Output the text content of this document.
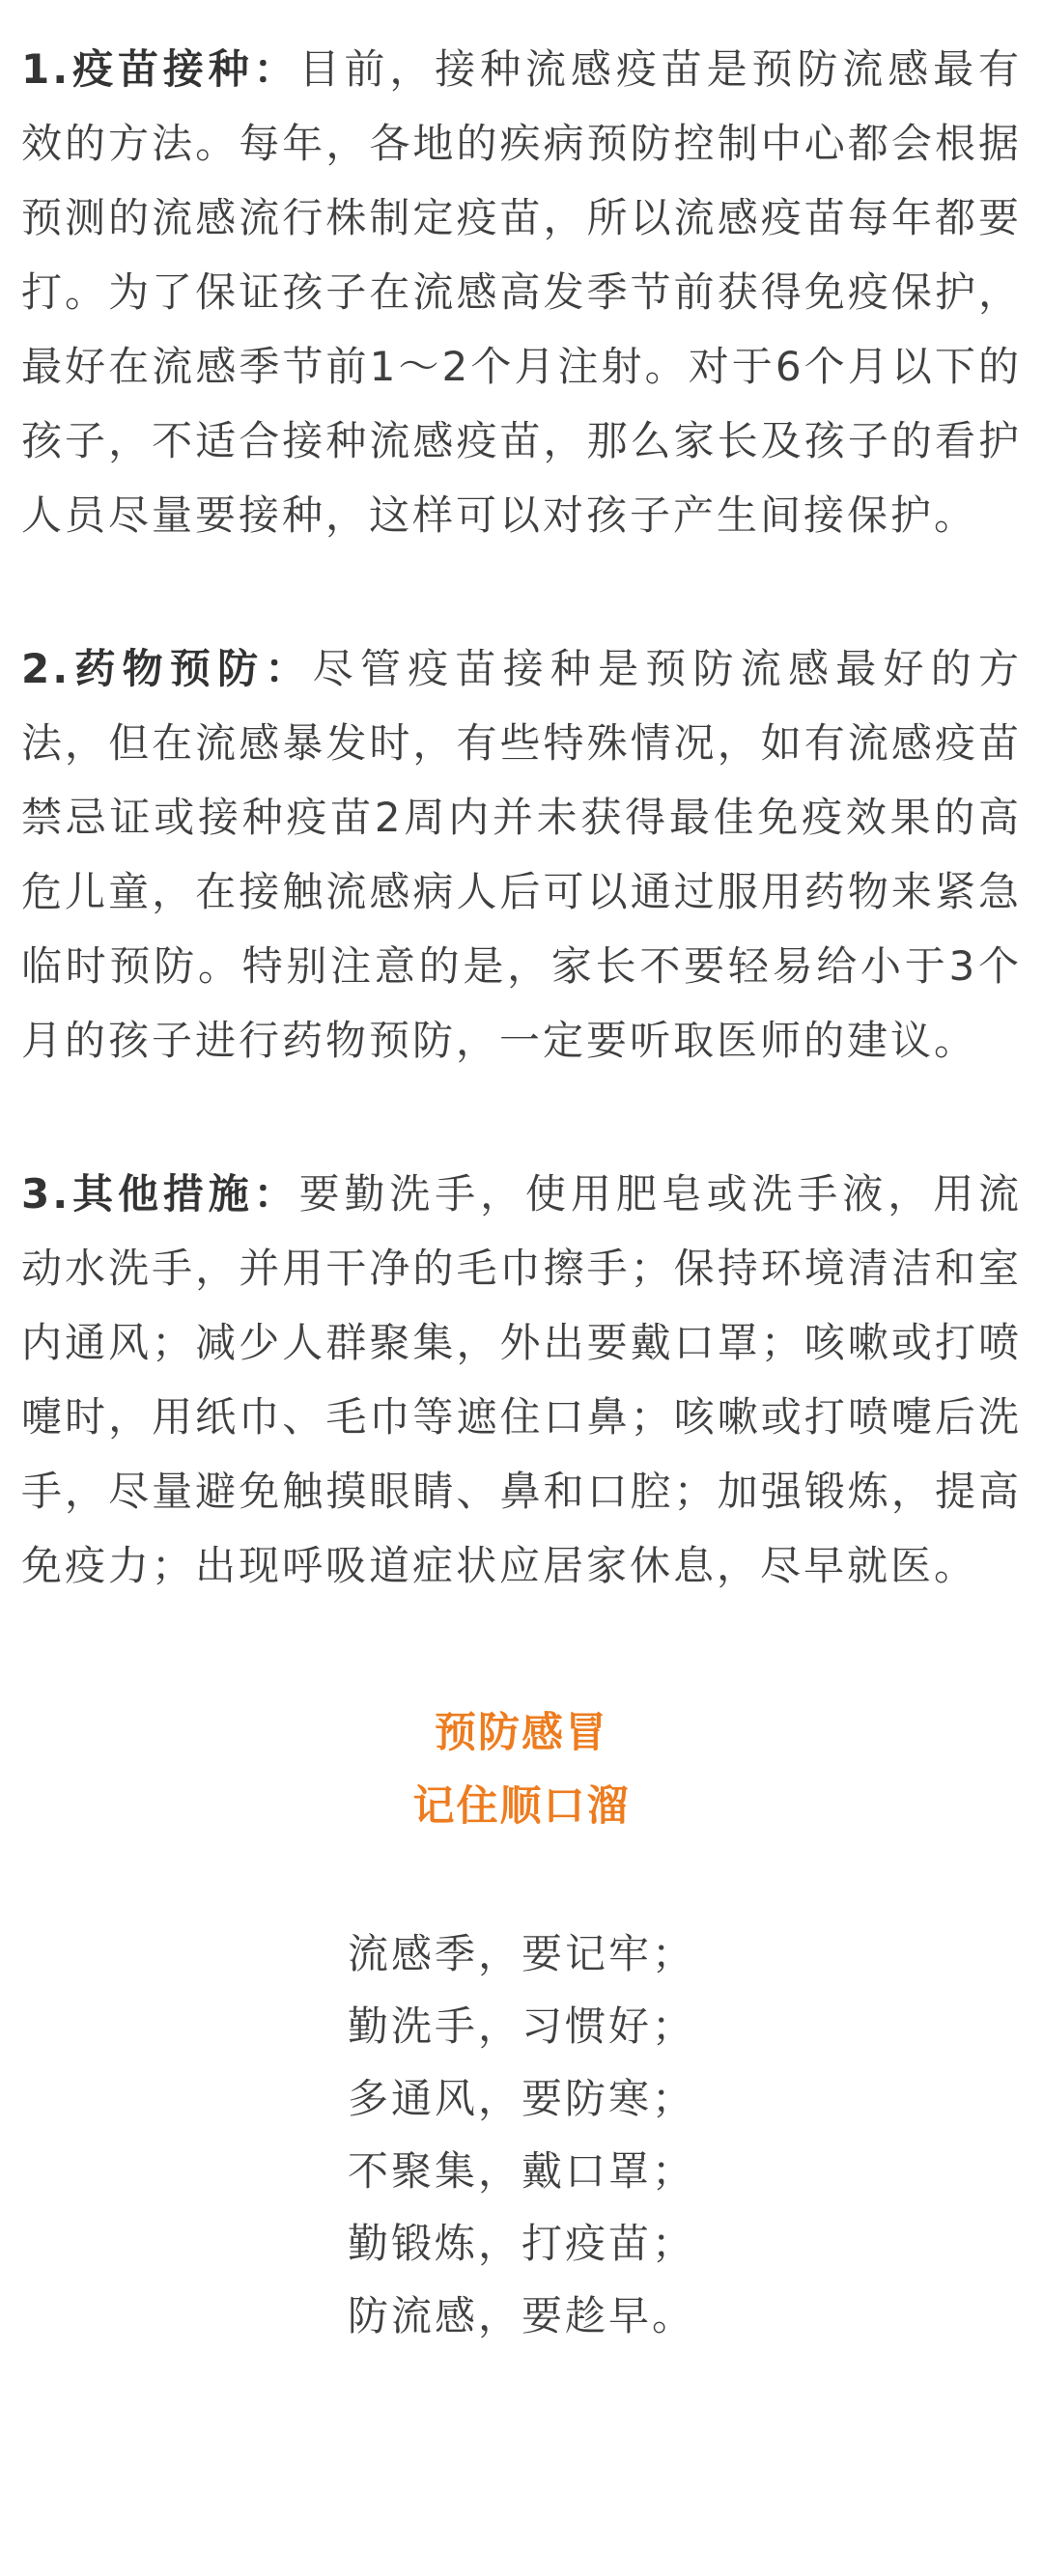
1.疫苗接种：目前，接种流感疫苗是预防流感最有效的方法。每年，各地的疾病预防控制中心都会根据预测的流感流行株制定疫苗，所以流感疫苗每年都要打。为了保证孩子在流感高发季节前获得免疫保护，最好在流感季节前1～2个月注射。对于6个月以下的孩子，不适合接种流感疫苗，那么家长及孩子的看护人员尽量要接种，这样可以对孩子产生间接保护。

2.药物预防：尽管疫苗接种是预防流感最好的方法，但在流感暴发时，有些特殊情况，如有流感疫苗禁忌证或接种疫苗2周内并未获得最佳免疫效果的高危儿童，在接触流感病人后可以通过服用药物来紧急临时预防。特别注意的是，家长不要轻易给小于3个月的孩子进行药物预防，一定要听取医师的建议。

3.其他措施：要勤洗手，使用肥皂或洗手液，用流动水洗手，并用干净的毛巾擦手；保持环境清洁和室内通风；减少人群聚集，外出要戴口罩；咳嗽或打喷嚏时，用纸巾、毛巾等遮住口鼻；咳嗽或打喷嚏后洗手，尽量避免触摸眼睛、鼻和口腔；加强锻炼，提高免疫力；出现呼吸道症状应居家休息，尽早就医。

预防感冒
记住顺口溜
流感季，要记牢；
勤洗手，习惯好；
多通风，要防寒；
不聚集，戴口罩；
勤锻炼，打疫苗；
防流感，要趁早。
